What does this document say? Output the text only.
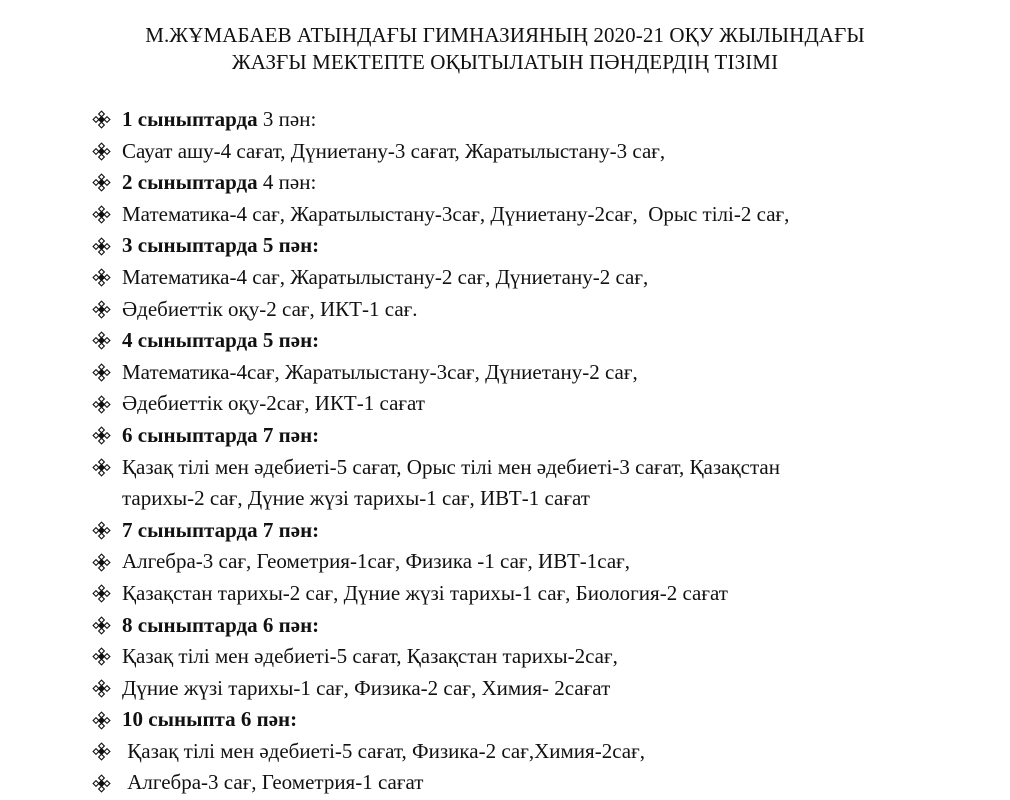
М.ЖҰМАБАЕВ АТЫНДАҒЫ ГИМНАЗИЯНЫҢ 2020-21 ОҚУ ЖЫЛЫНДАҒЫ
ЖАЗҒЫ МЕКТЕПТЕ ОҚЫТЫЛАТЫН ПӘНДЕРДІҢ ТІЗІМІ
1 сыныптарда 3 пән:
Сауат ашу-4 сағат, Дүниетану-3 сағат, Жаратылыстану-3 сағ,
2 сыныптарда 4 пән:
Математика-4 сағ, Жаратылыстану-3сағ, Дүниетану-2сағ,  Орыс тілі-2 сағ,
3 сыныптарда 5 пән:
Математика-4 сағ, Жаратылыстану-2 сағ, Дүниетану-2 сағ,
Әдебиеттік оқу-2 сағ, ИКТ-1 сағ.
4 сыныптарда 5 пән:
Математика-4сағ, Жаратылыстану-3сағ, Дүниетану-2 сағ,
Әдебиеттік оқу-2сағ, ИКТ-1 сағат
6 сыныптарда 7 пән:
Қазақ тілі мен әдебиеті-5 сағат, Орыс тілі мен әдебиеті-3 сағат, Қазақстан
тарихы-2 сағ, Дүние жүзі тарихы-1 сағ, ИВТ-1 сағат
7 сыныптарда 7 пән:
Алгебра-3 сағ, Геометрия-1сағ, Физика -1 сағ, ИВТ-1сағ,
Қазақстан тарихы-2 сағ, Дүние жүзі тарихы-1 сағ, Биология-2 сағат
8 сыныптарда 6 пән:
Қазақ тілі мен әдебиеті-5 сағат, Қазақстан тарихы-2сағ,
Дүние жүзі тарихы-1 сағ, Физика-2 сағ, Химия- 2сағат
10 сыныпта 6 пән:
Қазақ тілі мен әдебиеті-5 сағат, Физика-2 сағ,Химия-2сағ,
Алгебра-3 сағ, Геометрия-1 сағат
